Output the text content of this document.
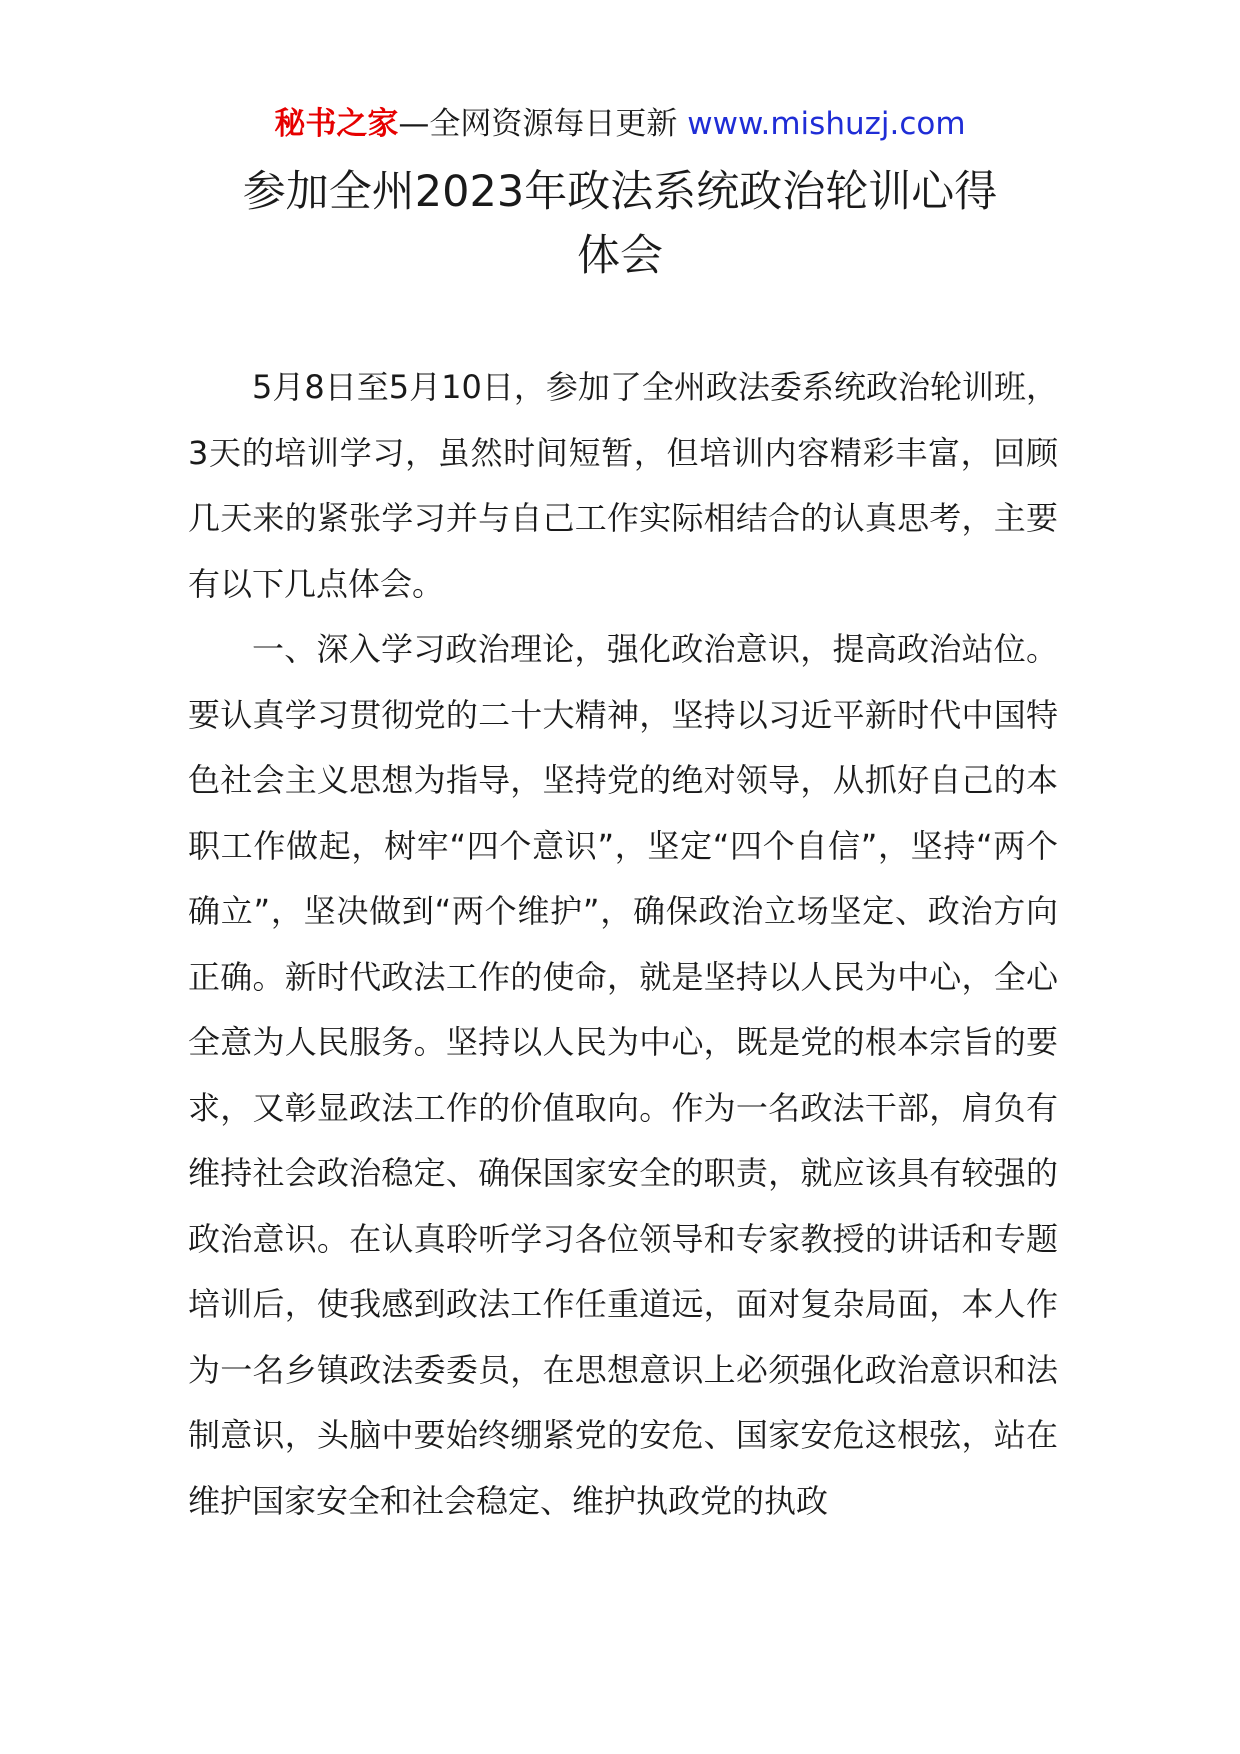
秘书之家—全网资源每日更新 www.mishuzj.com
参加全州2023年政法系统政治轮训心得
体会

5月8日至5月10日，参加了全州政法委系统政治轮训班，3天的培训学习，虽然时间短暂，但培训内容精彩丰富，回顾几天来的紧张学习并与自己工作实际相结合的认真思考，主要有以下几点体会。

一、深入学习政治理论，强化政治意识，提高政治站位。要认真学习贯彻党的二十大精神，坚持以习近平新时代中国特色社会主义思想为指导，坚持党的绝对领导，从抓好自己的本职工作做起，树牢“四个意识”，坚定“四个自信”，坚持“两个确立”，坚决做到“两个维护”，确保政治立场坚定、政治方向正确。新时代政法工作的使命，就是坚持以人民为中心，全心全意为人民服务。坚持以人民为中心，既是党的根本宗旨的要求，又彰显政法工作的价值取向。作为一名政法干部，肩负有维持社会政治稳定、确保国家安全的职责，就应该具有较强的政治意识。在认真聆听学习各位领导和专家教授的讲话和专题培训后，使我感到政法工作任重道远，面对复杂局面，本人作为一名乡镇政法委委员，在思想意识上必须强化政治意识和法制意识，头脑中要始终绷紧党的安危、国家安危这根弦，站在维护国家安全和社会稳定、维护执政党的执政
